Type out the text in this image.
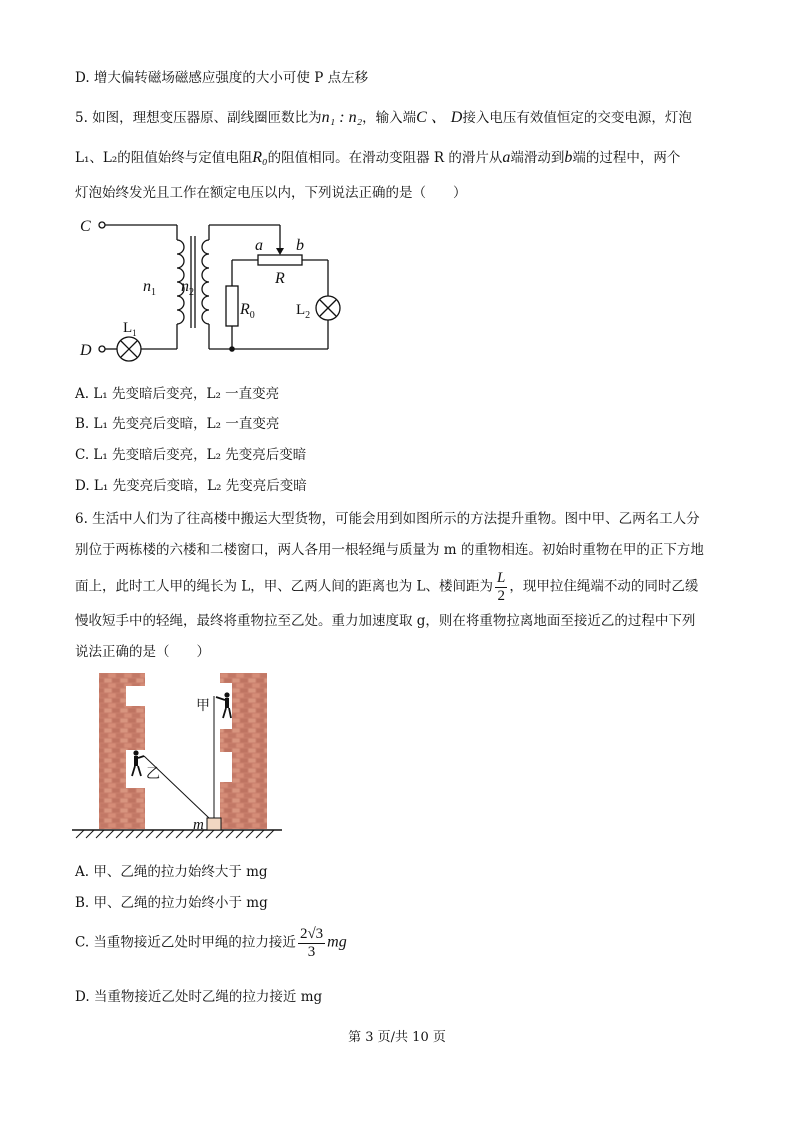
D. 增大偏转磁场磁感应强度的大小可使 P 点左移
5. 如图，理想变压器原、副线圈匝数比为n₁ : n₂，输入端C 、 D接入电压有效值恒定的交变电源，灯泡
L₁、L₂的阻值始终与定值电阻R₀的阻值相同。在滑动变阻器 R 的滑片从a端滑动到b端的过程中，两个
灯泡始终发光且工作在额定电压以内，下列说法正确的是（　　）
C
D
$n_1$ $n_2$
a b
R
$R_0$
$L_1$
$L_2$
A. L₁ 先变暗后变亮，L₂ 一直变亮
B. L₁ 先变亮后变暗，L₂ 一直变亮
C. L₁ 先变暗后变亮，L₂ 先变亮后变暗
D. L₁ 先变亮后变暗，L₂ 先变亮后变暗
6. 生活中人们为了往高楼中搬运大型货物，可能会用到如图所示的方法提升重物。图中甲、乙两名工人分
别位于两栋楼的六楼和二楼窗口，两人各用一根轻绳与质量为 m 的重物相连。初始时重物在甲的正下方地
面上，此时工人甲的绳长为 L，甲、乙两人间的距离也为 L、楼间距为 $\frac{L}{2}$ ，现甲拉住绳端不动的同时乙缓
慢收短手中的轻绳，最终将重物拉至乙处。重力加速度取 g，则在将重物拉离地面至接近乙的过程中下列
说法正确的是（　　）
甲
乙
m
A. 甲、乙绳的拉力始终大于 mg
B. 甲、乙绳的拉力始终小于 mg
C. 当重物接近乙处时甲绳的拉力接近 $\frac{2√3}{3}$ mg
D. 当重物接近乙处时乙绳的拉力接近 mg
第 3 页/共 10 页
